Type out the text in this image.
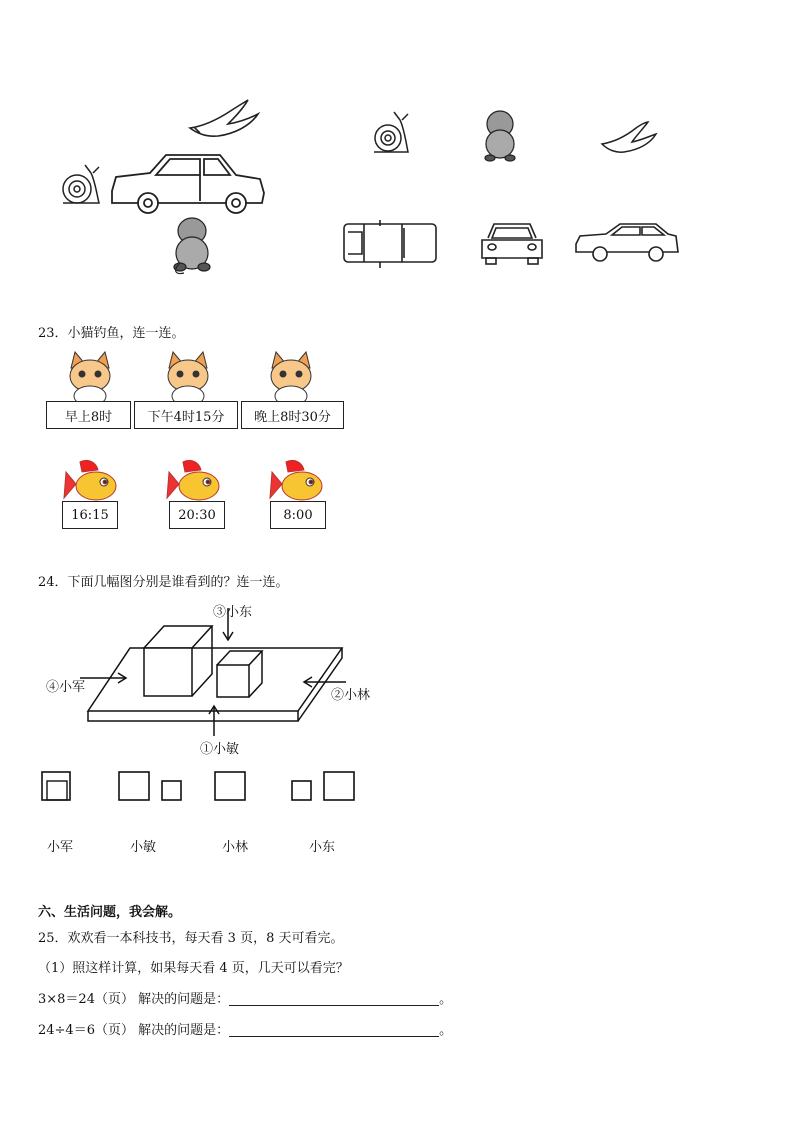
23．小猫钓鱼，连一连。
早上8时	下午4时15分	晚上8时30分
16:15	20:30	8:00
24．下面几幅图分别是谁看到的？连一连。
③小东
④小军
②小林
①小敏
小军	小敏	小林	小东
六、生活问题，我会解。
25．欢欢看一本科技书，每天看 3 页，8 天可看完。
（1）照这样计算，如果每天看 4 页，几天可以看完？
3×8＝24（页） 解决的问题是：	。
24÷4＝6（页） 解决的问题是：	。
